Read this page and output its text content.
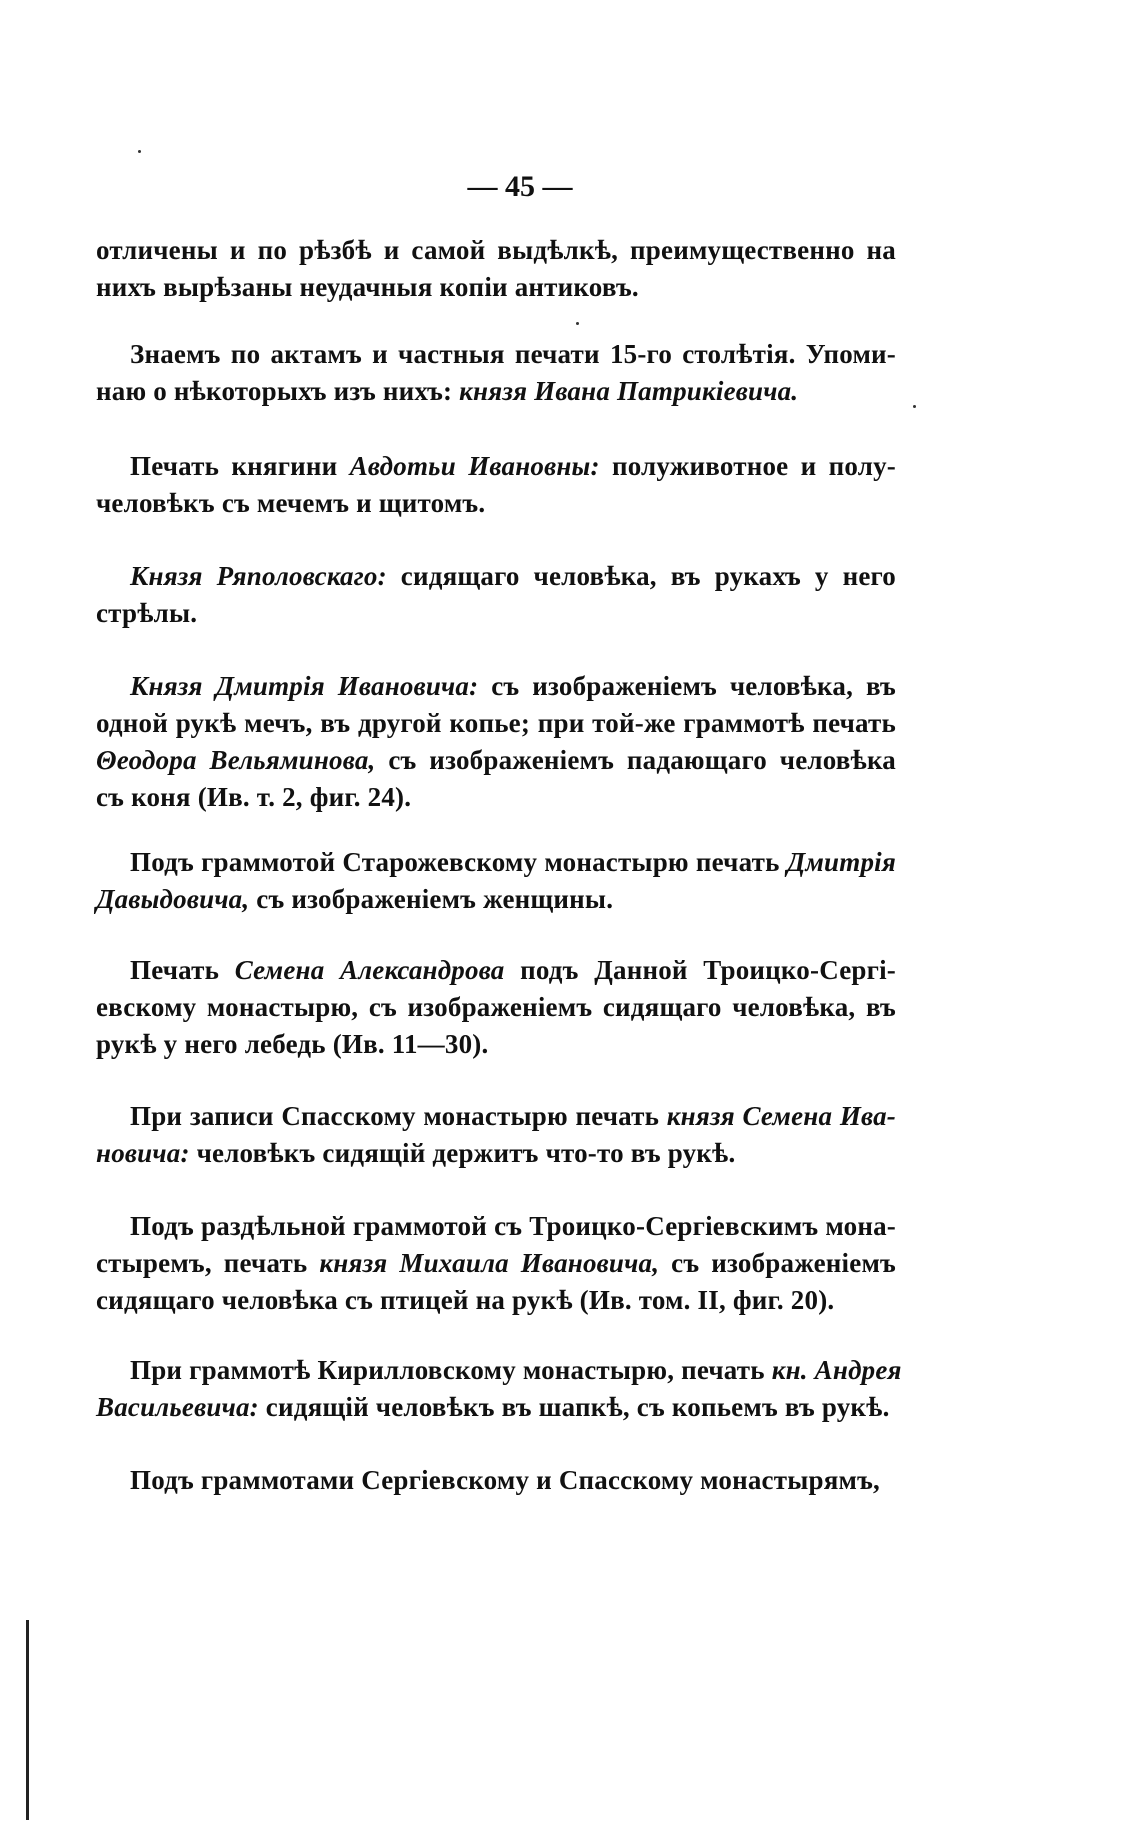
— 45 —
отличены и по рѣзбѣ и самой выдѣлкѣ, преимущественно на
нихъ вырѣзаны неудачныя копіи антиковъ.
Знаемъ по актамъ и частныя печати 15-го столѣтія. Упоми-
наю о нѣкоторыхъ изъ нихъ: князя Ивана Патрикіевича.
Печать княгини Авдотьи Ивановны: полуживотное и полу-
человѣкъ съ мечемъ и щитомъ.
Князя Ряполовскаго: сидящаго человѣка, въ рукахъ у него
стрѣлы.
Князя Дмитрія Ивановича: съ изображеніемъ человѣка, въ
одной рукѣ мечъ, въ другой копье; при той-же граммотѣ печать
Θеодора Вельяминова, съ изображеніемъ падающаго человѣка
съ коня (Ив. т. 2, фиг. 24).
Подъ граммотой Старожевскому монастырю печать Дмитрія
Давыдовича, съ изображеніемъ женщины.
Печать Семена Александрова подъ Данной Троицко-Сергі-
евскому монастырю, съ изображеніемъ сидящаго человѣка, въ
рукѣ у него лебедь (Ив. 11—30).
При записи Спасскому монастырю печать князя Семена Ива-
новича: человѣкъ сидящій держитъ что-то въ рукѣ.
Подъ раздѣльной граммотой съ Троицко-Сергіевскимъ мона-
стыремъ, печать князя Михаила Ивановича, съ изображеніемъ
сидящаго человѣка съ птицей на рукѣ (Ив. том. II, фиг. 20).
При граммотѣ Кирилловскому монастырю, печать кн. Андрея
Васильевича: сидящій человѣкъ въ шапкѣ, съ копьемъ въ рукѣ.
Подъ граммотами Сергіевскому и Спасскому монастырямъ,
